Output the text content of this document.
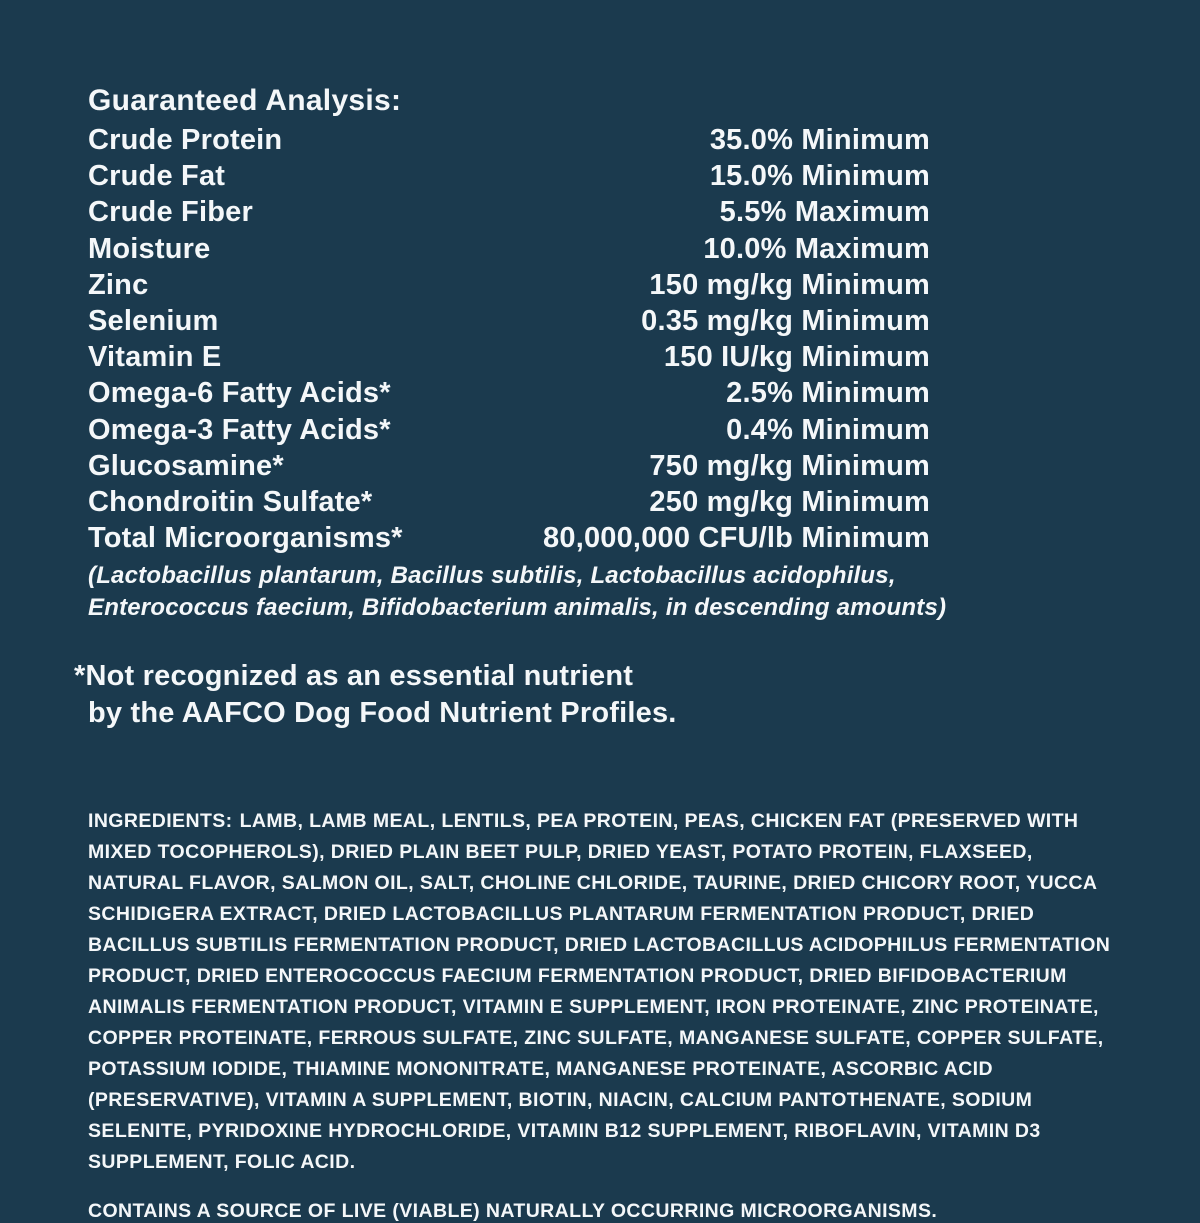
Guaranteed Analysis:
Crude Protein	35.0% Minimum
Crude Fat	15.0% Minimum
Crude Fiber	5.5% Maximum
Moisture	10.0% Maximum
Zinc	150 mg/kg Minimum
Selenium	0.35 mg/kg Minimum
Vitamin E	150 IU/kg Minimum
Omega-6 Fatty Acids*	2.5% Minimum
Omega-3 Fatty Acids*	0.4% Minimum
Glucosamine*	750 mg/kg Minimum
Chondroitin Sulfate*	250 mg/kg Minimum
Total Microorganisms*	80,000,000 CFU/lb Minimum
(Lactobacillus plantarum, Bacillus subtilis, Lactobacillus acidophilus,
Enterococcus faecium, Bifidobacterium animalis, in descending amounts)
*Not recognized as an essential nutrient
by the AAFCO Dog Food Nutrient Profiles.

INGREDIENTS: LAMB, LAMB MEAL, LENTILS, PEA PROTEIN, PEAS, CHICKEN FAT (PRESERVED WITH MIXED TOCOPHEROLS), DRIED PLAIN BEET PULP, DRIED YEAST, POTATO PROTEIN, FLAXSEED, NATURAL FLAVOR, SALMON OIL, SALT, CHOLINE CHLORIDE, TAURINE, DRIED CHICORY ROOT, YUCCA SCHIDIGERA EXTRACT, DRIED LACTOBACILLUS PLANTARUM FERMENTATION PRODUCT, DRIED BACILLUS SUBTILIS FERMENTATION PRODUCT, DRIED LACTOBACILLUS ACIDOPHILUS FERMENTATION PRODUCT, DRIED ENTEROCOCCUS FAECIUM FERMENTATION PRODUCT, DRIED BIFIDOBACTERIUM ANIMALIS FERMENTATION PRODUCT, VITAMIN E SUPPLEMENT, IRON PROTEINATE, ZINC PROTEINATE, COPPER PROTEINATE, FERROUS SULFATE, ZINC SULFATE, MANGANESE SULFATE, COPPER SULFATE, POTASSIUM IODIDE, THIAMINE MONONITRATE, MANGANESE PROTEINATE, ASCORBIC ACID (PRESERVATIVE), VITAMIN A SUPPLEMENT, BIOTIN, NIACIN, CALCIUM PANTOTHENATE, SODIUM SELENITE, PYRIDOXINE HYDROCHLORIDE, VITAMIN B12 SUPPLEMENT, RIBOFLAVIN, VITAMIN D3 SUPPLEMENT, FOLIC ACID.

CONTAINS A SOURCE OF LIVE (VIABLE) NATURALLY OCCURRING MICROORGANISMS.
